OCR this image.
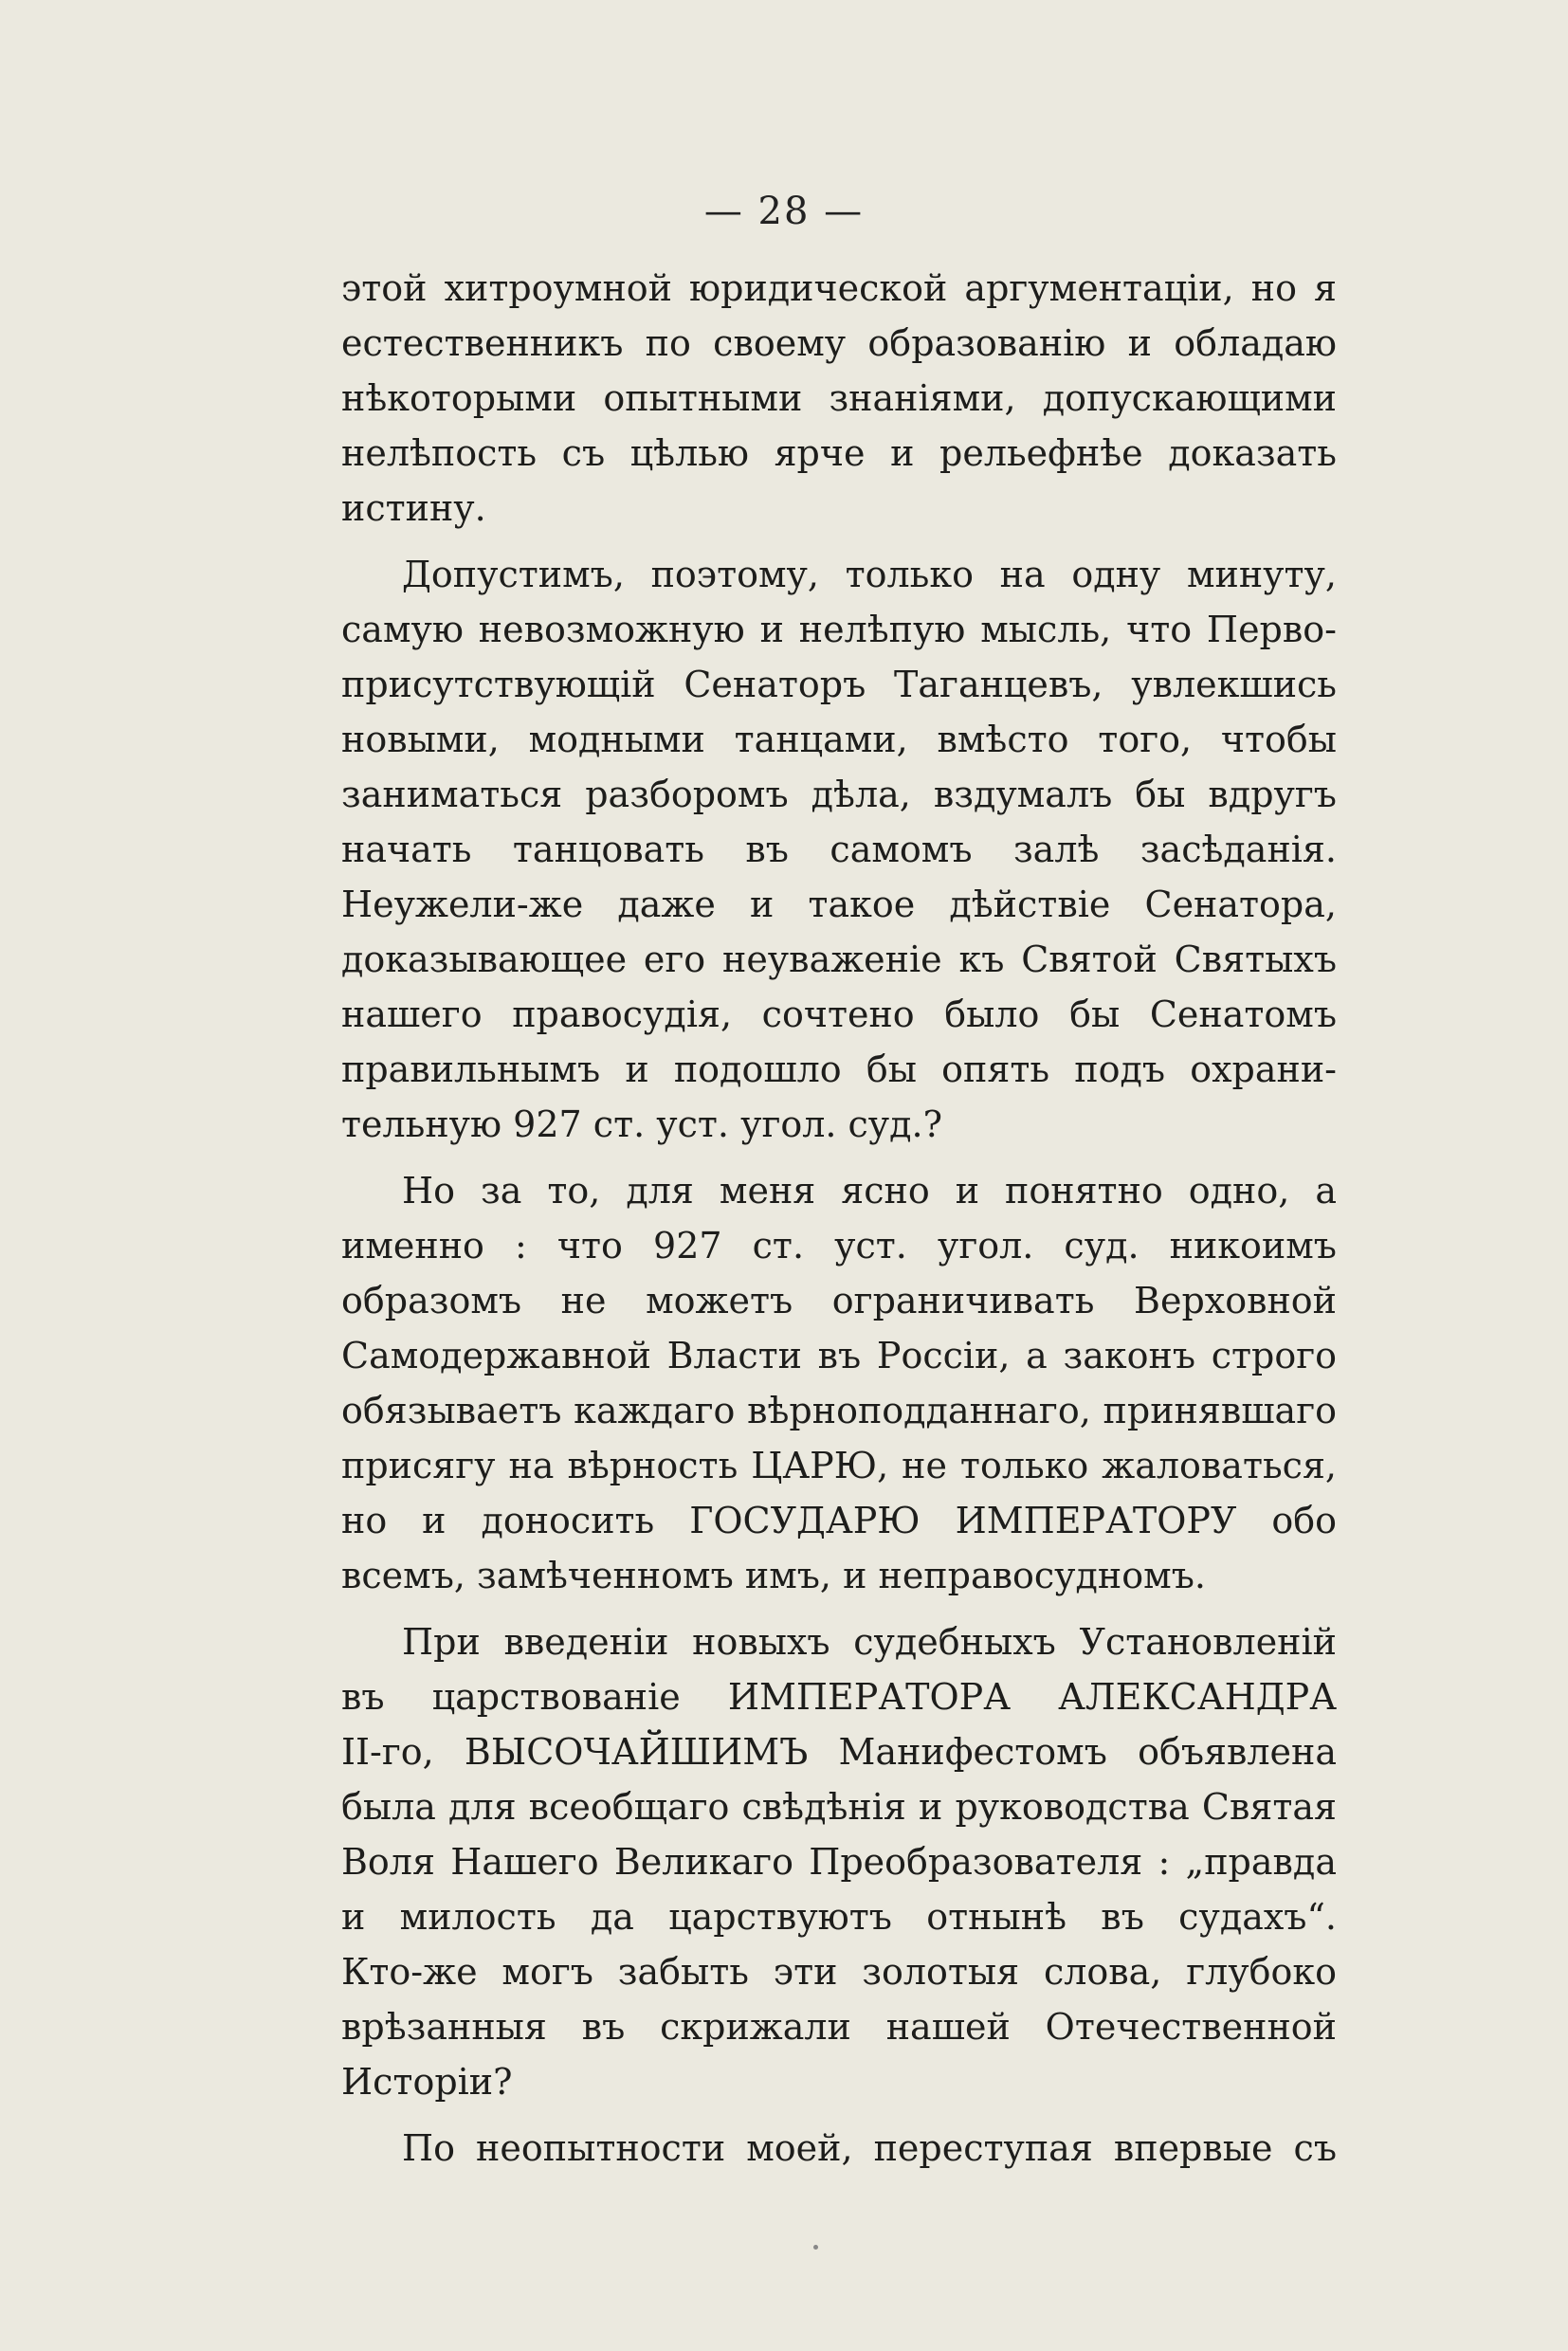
— 28 —
этой хитроумной юридической аргументаціи, но я
естественникъ по своему образованію и обладаю
нѣкоторыми опытными знаніями, допускающими
нелѣпость съ цѣлью ярче и рельефнѣе доказать
истину.
Допустимъ, поэтому, только на одну минуту,
самую невозможную и нелѣпую мысль, что Перво-
присутствующій Сенаторъ Таганцевъ, увлекшись
новыми, модными танцами, вмѣсто того, чтобы
заниматься разборомъ дѣла, вздумалъ бы вдругъ
начать танцовать въ самомъ залѣ засѣданія.
Неужели-же даже и такое дѣйствіе Сенатора,
доказывающее его неуваженіе къ Святой Святыхъ
нашего правосудія, сочтено было бы Сенатомъ
правильнымъ и подошло бы опять подъ охрани-
тельную 927 ст. уст. угол. суд.?
Но за то, для меня ясно и понятно одно, а
именно : что 927 ст. уст. угол. суд. никоимъ
образомъ не можетъ ограничивать Верховной
Самодержавной Власти въ Россіи, а законъ строго
обязываетъ каждаго вѣрноподданнаго, принявшаго
присягу на вѣрность ЦАРЮ, не только жаловаться,
но и доносить ГОСУДАРЮ ИМПЕРАТОРУ обо
всемъ, замѣченномъ имъ, и неправосудномъ.
При введеніи новыхъ судебныхъ Установленій
въ царствованіе ИМПЕРАТОРА АЛЕКСАНДРА
II-го, ВЫСОЧАЙШИМЪ Манифестомъ объявлена
была для всеобщаго свѣдѣнія и руководства Святая
Воля Нашего Великаго Преобразователя : „правда
и милость да царствуютъ отнынѣ въ судахъ“.
Кто-же могъ забыть эти золотыя слова, глубоко
врѣзанныя въ скрижали нашей Отечественной
Исторіи?
По неопытности моей, переступая впервые съ
